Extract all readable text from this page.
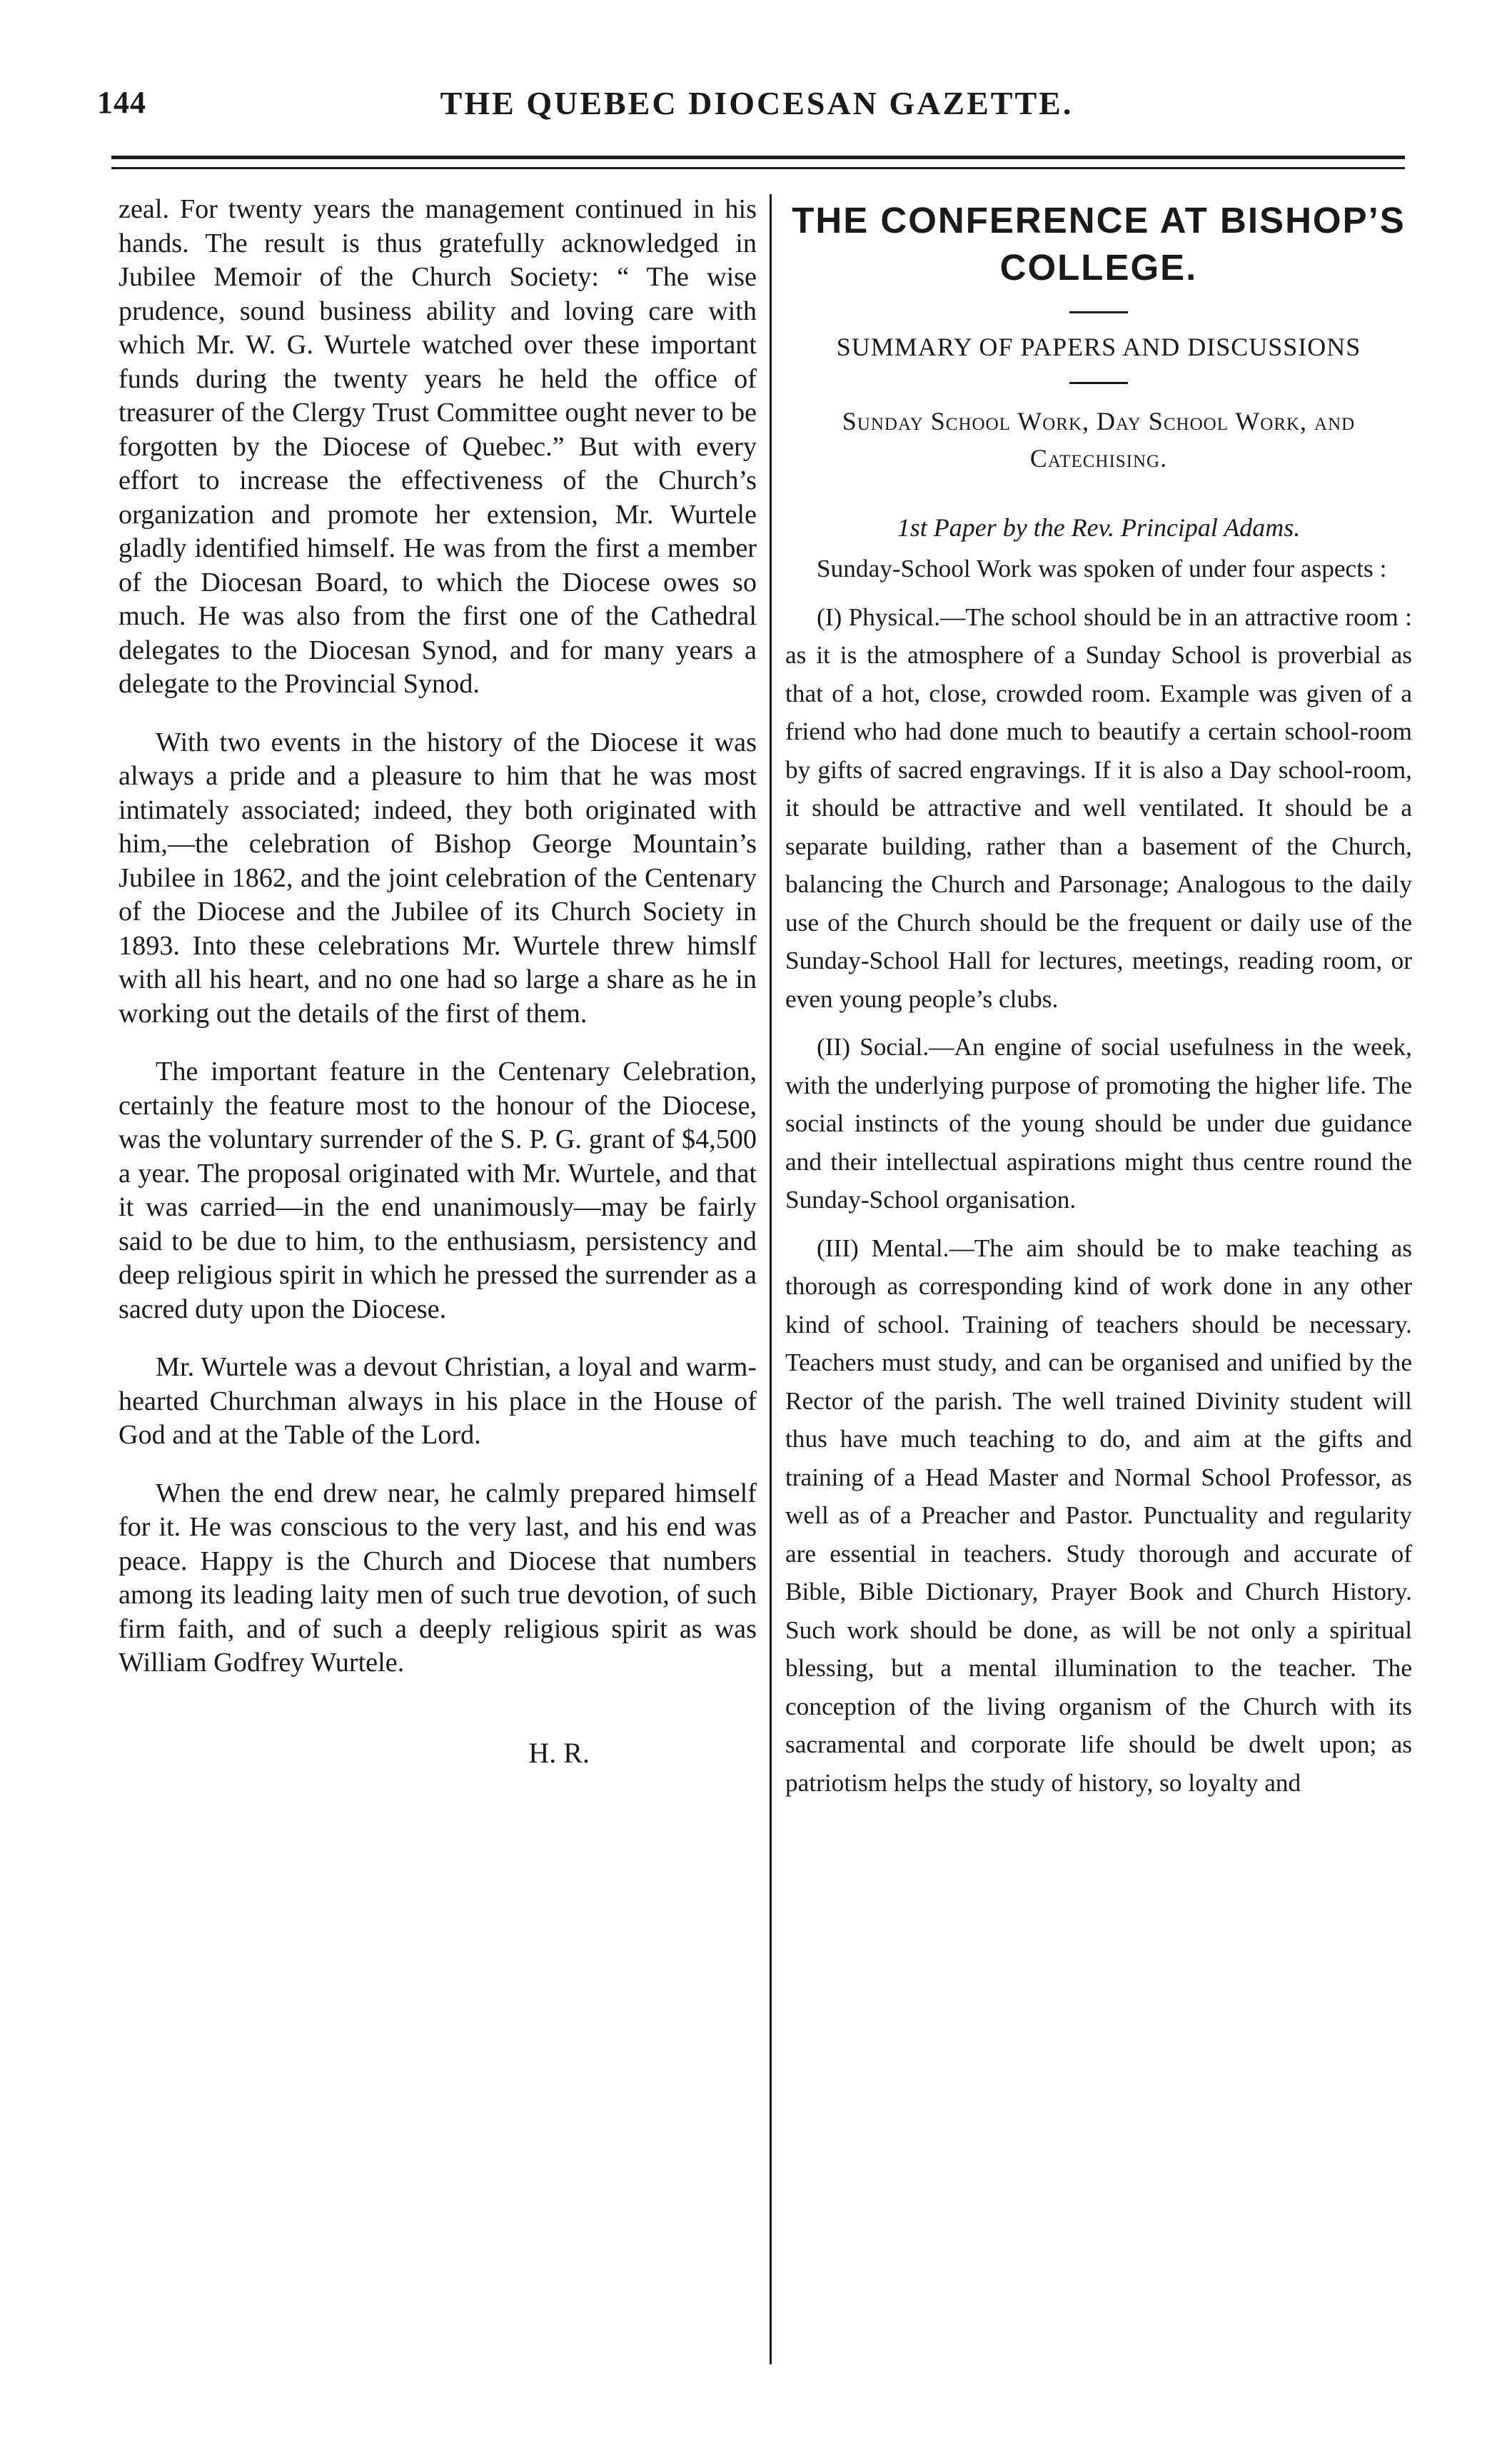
144	THE QUEBEC DIOCESAN GAZETTE.

zeal. For twenty years the management continued in his hands. The result is thus gratefully acknowledged in Jubilee Memoir of the Church Society: “ The wise prudence, sound business ability and loving care with which Mr. W. G. Wurtele watched over these important funds during the twenty years he held the office of treasurer of the Clergy Trust Committee ought never to be forgotten by the Diocese of Quebec.” But with every effort to increase the effectiveness of the Church’s organization and promote her extension, Mr. Wurtele gladly identified himself. He was from the first a member of the Diocesan Board, to which the Diocese owes so much. He was also from the first one of the Cathedral delegates to the Diocesan Synod, and for many years a delegate to the Provincial Synod.

With two events in the history of the Diocese it was always a pride and a pleasure to him that he was most intimately associated; indeed, they both originated with him,—the celebration of Bishop George Mountain’s Jubilee in 1862, and the joint celebration of the Centenary of the Diocese and the Jubilee of its Church Society in 1893. Into these celebrations Mr. Wurtele threw himslf with all his heart, and no one had so large a share as he in working out the details of the first of them.

The important feature in the Centenary Celebration, certainly the feature most to the honour of the Diocese, was the voluntary surrender of the S. P. G. grant of $4,500 a year. The proposal originated with Mr. Wurtele, and that it was carried—in the end unanimously—may be fairly said to be due to him, to the enthusiasm, persistency and deep religious spirit in which he pressed the surrender as a sacred duty upon the Diocese.

Mr. Wurtele was a devout Christian, a loyal and warm-hearted Churchman always in his place in the House of God and at the Table of the Lord.

When the end drew near, he calmly prepared himself for it. He was conscious to the very last, and his end was peace. Happy is the Church and Diocese that numbers among its leading laity men of such true devotion, of such firm faith, and of such a deeply religious spirit as was William Godfrey Wurtele.

H. R.
THE CONFERENCE AT BISHOP’S COLLEGE.
SUMMARY OF PAPERS AND DISCUSSIONS
Sunday School Work, Day School Work, and Catechising.
1st Paper by the Rev. Principal Adams.

Sunday-School Work was spoken of under four aspects :

(I) Physical.—The school should be in an attractive room : as it is the atmosphere of a Sunday School is proverbial as that of a hot, close, crowded room. Example was given of a friend who had done much to beautify a certain school-room by gifts of sacred engravings. If it is also a Day school-room, it should be attractive and well ventilated. It should be a separate building, rather than a basement of the Church, balancing the Church and Parsonage; Analogous to the daily use of the Church should be the frequent or daily use of the Sunday-School Hall for lectures, meetings, reading room, or even young people’s clubs.

(II) Social.—An engine of social usefulness in the week, with the underlying purpose of promoting the higher life. The social instincts of the young should be under due guidance and their intellectual aspirations might thus centre round the Sunday-School organisation.

(III) Mental.—The aim should be to make teaching as thorough as corresponding kind of work done in any other kind of school. Training of teachers should be necessary. Teachers must study, and can be organised and unified by the Rector of the parish. The well trained Divinity student will thus have much teaching to do, and aim at the gifts and training of a Head Master and Normal School Professor, as well as of a Preacher and Pastor. Punctuality and regularity are essential in teachers. Study thorough and accurate of Bible, Bible Dictionary, Prayer Book and Church History. Such work should be done, as will be not only a spiritual blessing, but a mental illumination to the teacher. The conception of the living organism of the Church with its sacramental and corporate life should be dwelt upon; as patriotism helps the study of history, so loyalty and
